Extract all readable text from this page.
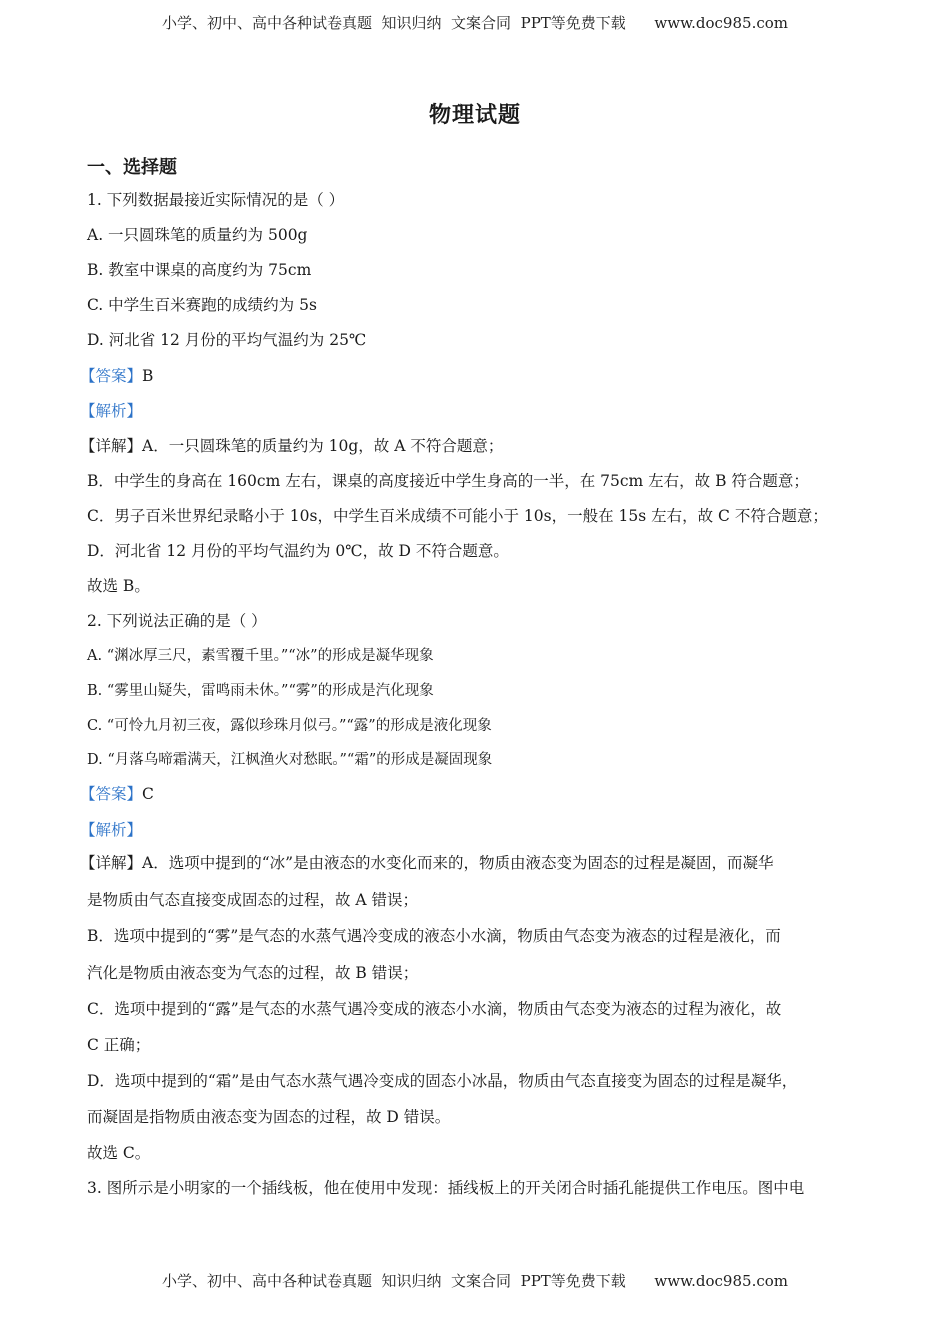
小学、初中、高中各种试卷真题  知识归纳  文案合同  PPT等免费下载      www.doc985.com
物理试题
一、选择题
1. 下列数据最接近实际情况的是（ ）
A. 一只圆珠笔的质量约为 500g
B. 教室中课桌的高度约为 75cm
C. 中学生百米赛跑的成绩约为 5s
D. 河北省 12 月份的平均气温约为 25℃
【答案】B
【解析】
【详解】A．一只圆珠笔的质量约为 10g，故 A 不符合题意；
B．中学生的身高在 160cm 左右，课桌的高度接近中学生身高的一半，在 75cm 左右，故 B 符合题意；
C．男子百米世界纪录略小于 10s，中学生百米成绩不可能小于 10s，一般在 15s 左右，故 C 不符合题意；
D．河北省 12 月份的平均气温约为 0℃，故 D 不符合题意。
故选 B。
2. 下列说法正确的是（ ）
A. “渊冰厚三尺，素雪覆千里。”“冰”的形成是凝华现象
B. “雾里山疑失，雷鸣雨未休。”“雾”的形成是汽化现象
C. “可怜九月初三夜，露似珍珠月似弓。”“露”的形成是液化现象
D. “月落乌啼霜满天，江枫渔火对愁眠。”“霜”的形成是凝固现象
【答案】C
【解析】
【详解】A．选项中提到的“冰”是由液态的水变化而来的，物质由液态变为固态的过程是凝固，而凝华
是物质由气态直接变成固态的过程，故 A 错误；
B．选项中提到的“雾”是气态的水蒸气遇冷变成的液态小水滴，物质由气态变为液态的过程是液化，而
汽化是物质由液态变为气态的过程，故 B 错误；
C．选项中提到的“露”是气态的水蒸气遇冷变成的液态小水滴，物质由气态变为液态的过程为液化，故
C 正确；
D．选项中提到的“霜”是由气态水蒸气遇冷变成的固态小冰晶，物质由气态直接变为固态的过程是凝华，
而凝固是指物质由液态变为固态的过程，故 D 错误。
故选 C。
3. 图所示是小明家的一个插线板，他在使用中发现：插线板上的开关闭合时插孔能提供工作电压。图中电
小学、初中、高中各种试卷真题  知识归纳  文案合同  PPT等免费下载      www.doc985.com
